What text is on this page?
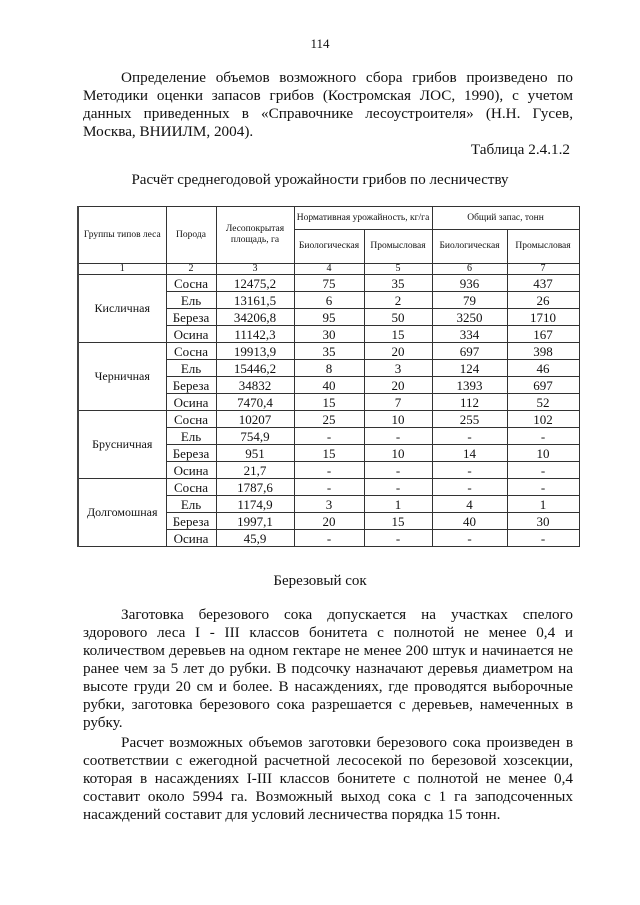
114
Определение объемов возможного сбора грибов произведено по Методики оценки запасов грибов (Костромская ЛОС, 1990), с учетом данных приведенных в «Справочнике лесоустроителя» (Н.Н. Гусев, Москва, ВНИИЛМ, 2004).
Таблица 2.4.1.2
Расчёт среднегодовой урожайности грибов по лесничеству
Группы типов леса	Порода	Лесопокрытая площадь, га	Нормативная урожайность, кг/га		Общий запас, тонн	
			Биологическая	Промысловая	Биологическая	Промысловая
1	2	3	4	5	6	7
Кисличная	Сосна	12475,2	75	35	936	437
	Ель	13161,5	6	2	79	26
	Береза	34206,8	95	50	3250	1710
	Осина	11142,3	30	15	334	167
Черничная	Сосна	19913,9	35	20	697	398
	Ель	15446,2	8	3	124	46
	Береза	34832	40	20	1393	697
	Осина	7470,4	15	7	112	52
Брусничная	Сосна	10207	25	10	255	102
	Ель	754,9	-	-	-	-
	Береза	951	15	10	14	10
	Осина	21,7	-	-	-	-
Долгомошная	Сосна	1787,6	-	-	-	-
	Ель	1174,9	3	1	4	1
	Береза	1997,1	20	15	40	30
	Осина	45,9	-	-	-	-
Березовый сок
Заготовка березового сока допускается на участках спелого здорового леса I - III классов бонитета с полнотой не менее 0,4 и количеством деревьев на одном гектаре не менее 200 штук и начинается не ранее чем за 5 лет до рубки. В подсочку назначают деревья диаметром на высоте груди 20 см и более. В насаждениях, где проводятся выборочные рубки, заготовка березового сока разрешается с деревьев, намеченных в рубку.
Расчет возможных объемов заготовки березового сока произведен в соответствии с ежегодной расчетной лесосекой по березовой хозсекции, которая в насаждениях I-III классов бонитете с полнотой не менее 0,4 составит около 5994 га. Возможный выход сока с 1 га заподсоченных насаждений составит для условий лесничества порядка 15 тонн.
